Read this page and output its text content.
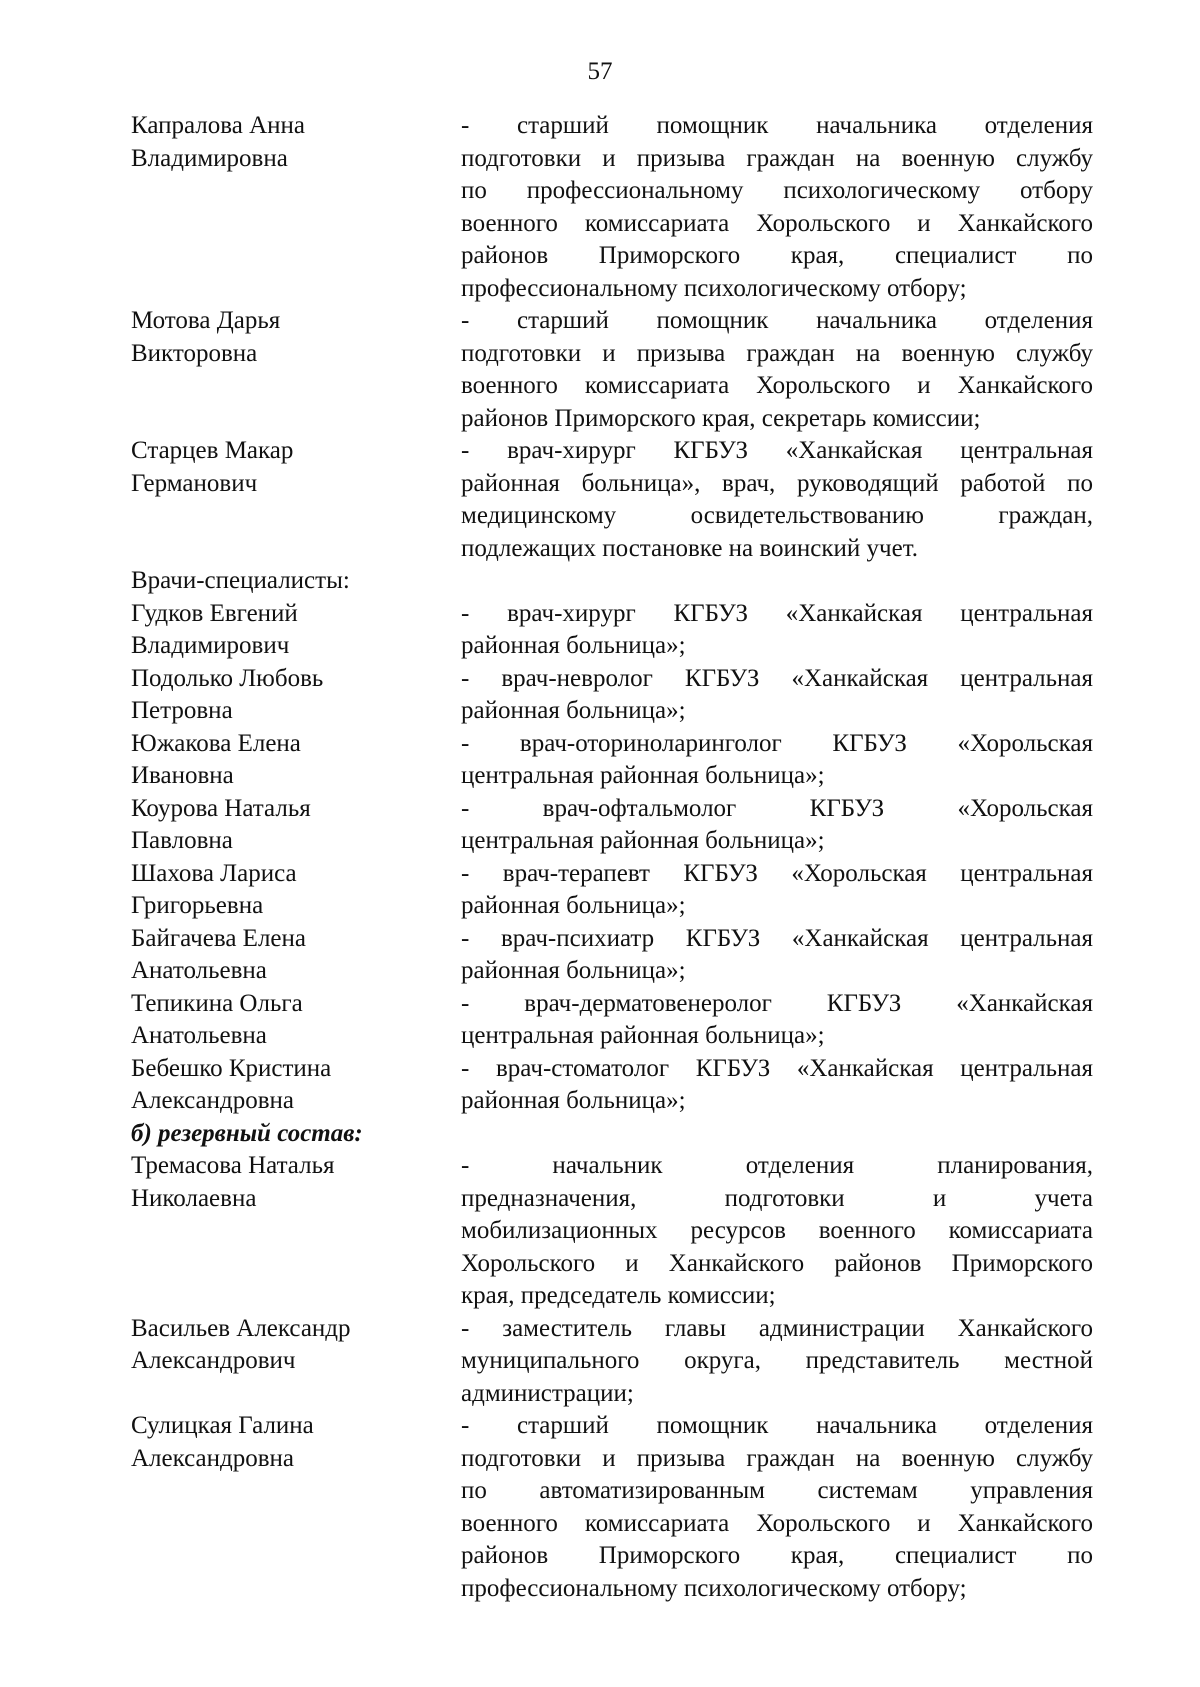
57
Капралова Анна
Владимировна
- старший помощник начальника отделения
подготовки и призыва граждан на военную службу
по профессиональному психологическому отбору
военного комиссариата Хорольского и Ханкайского
районов Приморского края, специалист по
профессиональному психологическому отбору;
Мотова Дарья
Викторовна
- старший помощник начальника отделения
подготовки и призыва граждан на военную службу
военного комиссариата Хорольского и Ханкайского
районов Приморского края, секретарь комиссии;
Старцев Макар
Германович
- врач-хирург КГБУЗ «Ханкайская центральная
районная больница», врач, руководящий работой по
медицинскому освидетельствованию граждан,
подлежащих постановке на воинский учет.
Врачи-специалисты:
Гудков Евгений
Владимирович
- врач-хирург КГБУЗ «Ханкайская центральная
районная больница»;
Подолько Любовь
Петровна
- врач-невролог КГБУЗ «Ханкайская центральная
районная больница»;
Южакова Елена
Ивановна
- врач-оториноларинголог КГБУЗ «Хорольская
центральная районная больница»;
Коурова Наталья
Павловна
- врач-офтальмолог КГБУЗ «Хорольская
центральная районная больница»;
Шахова Лариса
Григорьевна
- врач-терапевт КГБУЗ «Хорольская центральная
районная больница»;
Байгачева Елена
Анатольевна
- врач-психиатр КГБУЗ «Ханкайская центральная
районная больница»;
Тепикина Ольга
Анатольевна
- врач-дерматовенеролог КГБУЗ «Ханкайская
центральная районная больница»;
Бебешко Кристина
Александровна
- врач-стоматолог КГБУЗ «Ханкайская центральная
районная больница»;
б) резервный состав:
Тремасова Наталья
Николаевна
- начальник отделения планирования,
предназначения, подготовки и учета
мобилизационных ресурсов военного комиссариата
Хорольского и Ханкайского районов Приморского
края, председатель комиссии;
Васильев Александр
Александрович
- заместитель главы администрации Ханкайского
муниципального округа, представитель местной
администрации;
Сулицкая Галина
Александровна
- старший помощник начальника отделения
подготовки и призыва граждан на военную службу
по автоматизированным системам управления
военного комиссариата Хорольского и Ханкайского
районов Приморского края, специалист по
профессиональному психологическому отбору;
